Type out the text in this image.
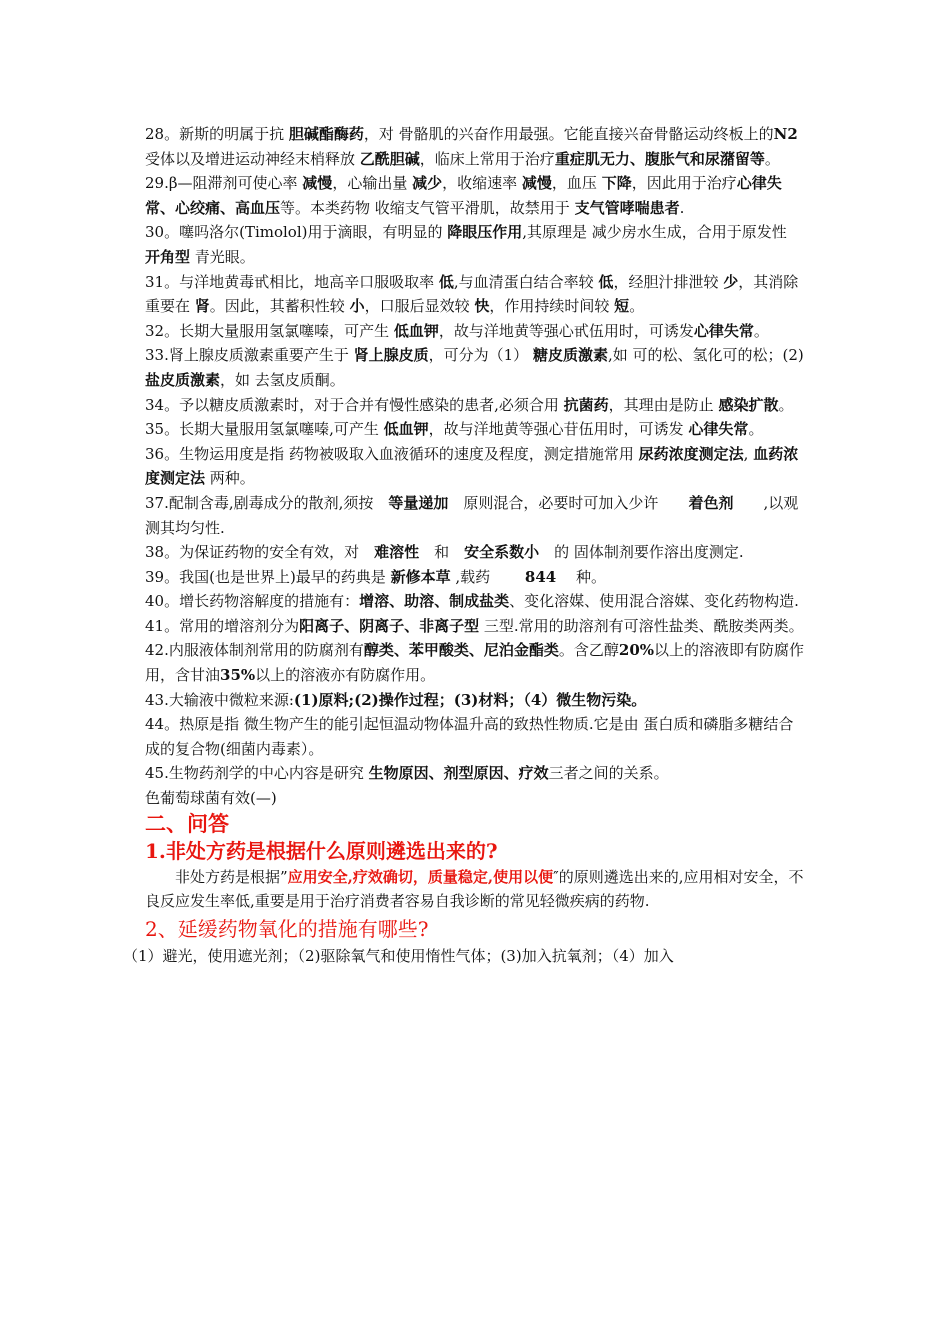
28。新斯的明属于抗 胆碱酯酶药，对 骨骼肌的兴奋作用最强。它能直接兴奋骨骼运动终板上的N2受体以及增进运动神经末梢释放 乙酰胆碱，临床上常用于治疗重症肌无力、腹胀气和尿潴留等。

29.β—阻滞剂可使心率 减慢，心输出量 减少，收缩速率 减慢，血压 下降，因此用于治疗心律失常、心绞痛、高血压等。本类药物 收缩支气管平滑肌，故禁用于 支气管哮喘患者.

30。噻吗洛尔(Timolol)用于滴眼，有明显的 降眼压作用,其原理是 减少房水生成，合用于原发性 开角型 青光眼。

31。与洋地黄毒甙相比，地高辛口服吸取率 低,与血清蛋白结合率较 低，经胆汁排泄较 少，其消除重要在 肾。因此，其蓄积性较 小，口服后显效较 快，作用持续时间较 短。

32。长期大量服用氢氯噻嗪，可产生 低血钾，故与洋地黄等强心甙伍用时，可诱发心律失常。

33.肾上腺皮质激素重要产生于 肾上腺皮质，可分为（1） 糖皮质激素,如 可的松、氢化可的松；(2) 盐皮质激素，如 去氢皮质酮。

34。予以糖皮质激素时，对于合并有慢性感染的患者,必须合用 抗菌药，其理由是防止 感染扩散。

35。长期大量服用氢氯噻嗪,可产生 低血钾，故与洋地黄等强心苷伍用时，可诱发 心律失常。

36。生物运用度是指 药物被吸取入血液循环的速度及程度，测定措施常用 尿药浓度测定法, 血药浓度测定法 两种。

37.配制含毒,剧毒成分的散剂,须按　等量递加　原则混合，必要时可加入少许　　着色剂　　,以观测其均匀性.

38。为保证药物的安全有效，对　难溶性　和　安全系数小　的 固体制剂要作溶出度测定.

39。我国(也是世界上)最早的药典是 新修本草 ,载药　　 844　 种。

40。增长药物溶解度的措施有：增溶、助溶、制成盐类、变化溶媒、使用混合溶媒、变化药物构造.

41。常用的增溶剂分为阳离子、阴离子、非离子型 三型.常用的助溶剂有可溶性盐类、酰胺类两类。

42.内服液体制剂常用的防腐剂有醇类、苯甲酸类、尼泊金酯类。含乙醇20%以上的溶液即有防腐作用，含甘油35%以上的溶液亦有防腐作用。

43.大输液中微粒来源:(1)原料;(2)操作过程；(3)材料；（4）微生物污染。

44。热原是指 微生物产生的能引起恒温动物体温升高的致热性物质.它是由 蛋白质和磷脂多糖结合成的复合物(细菌内毒素）。

45.生物药剂学的中心内容是研究 生物原因、剂型原因、疗效三者之间的关系。

色葡萄球菌有效(—)

二、问答
1.非处方药是根据什么原则遴选出来的?

非处方药是根据”应用安全,疗效确切，质量稳定,使用以便″的原则遴选出来的,应用相对安全，不良反应发生率低,重要是用于治疗消费者容易自我诊断的常见轻微疾病的药物.

2、延缓药物氧化的措施有哪些?

（1）避光，使用遮光剂；（2)驱除氧气和使用惰性气体；(3)加入抗氧剂；（4）加入
